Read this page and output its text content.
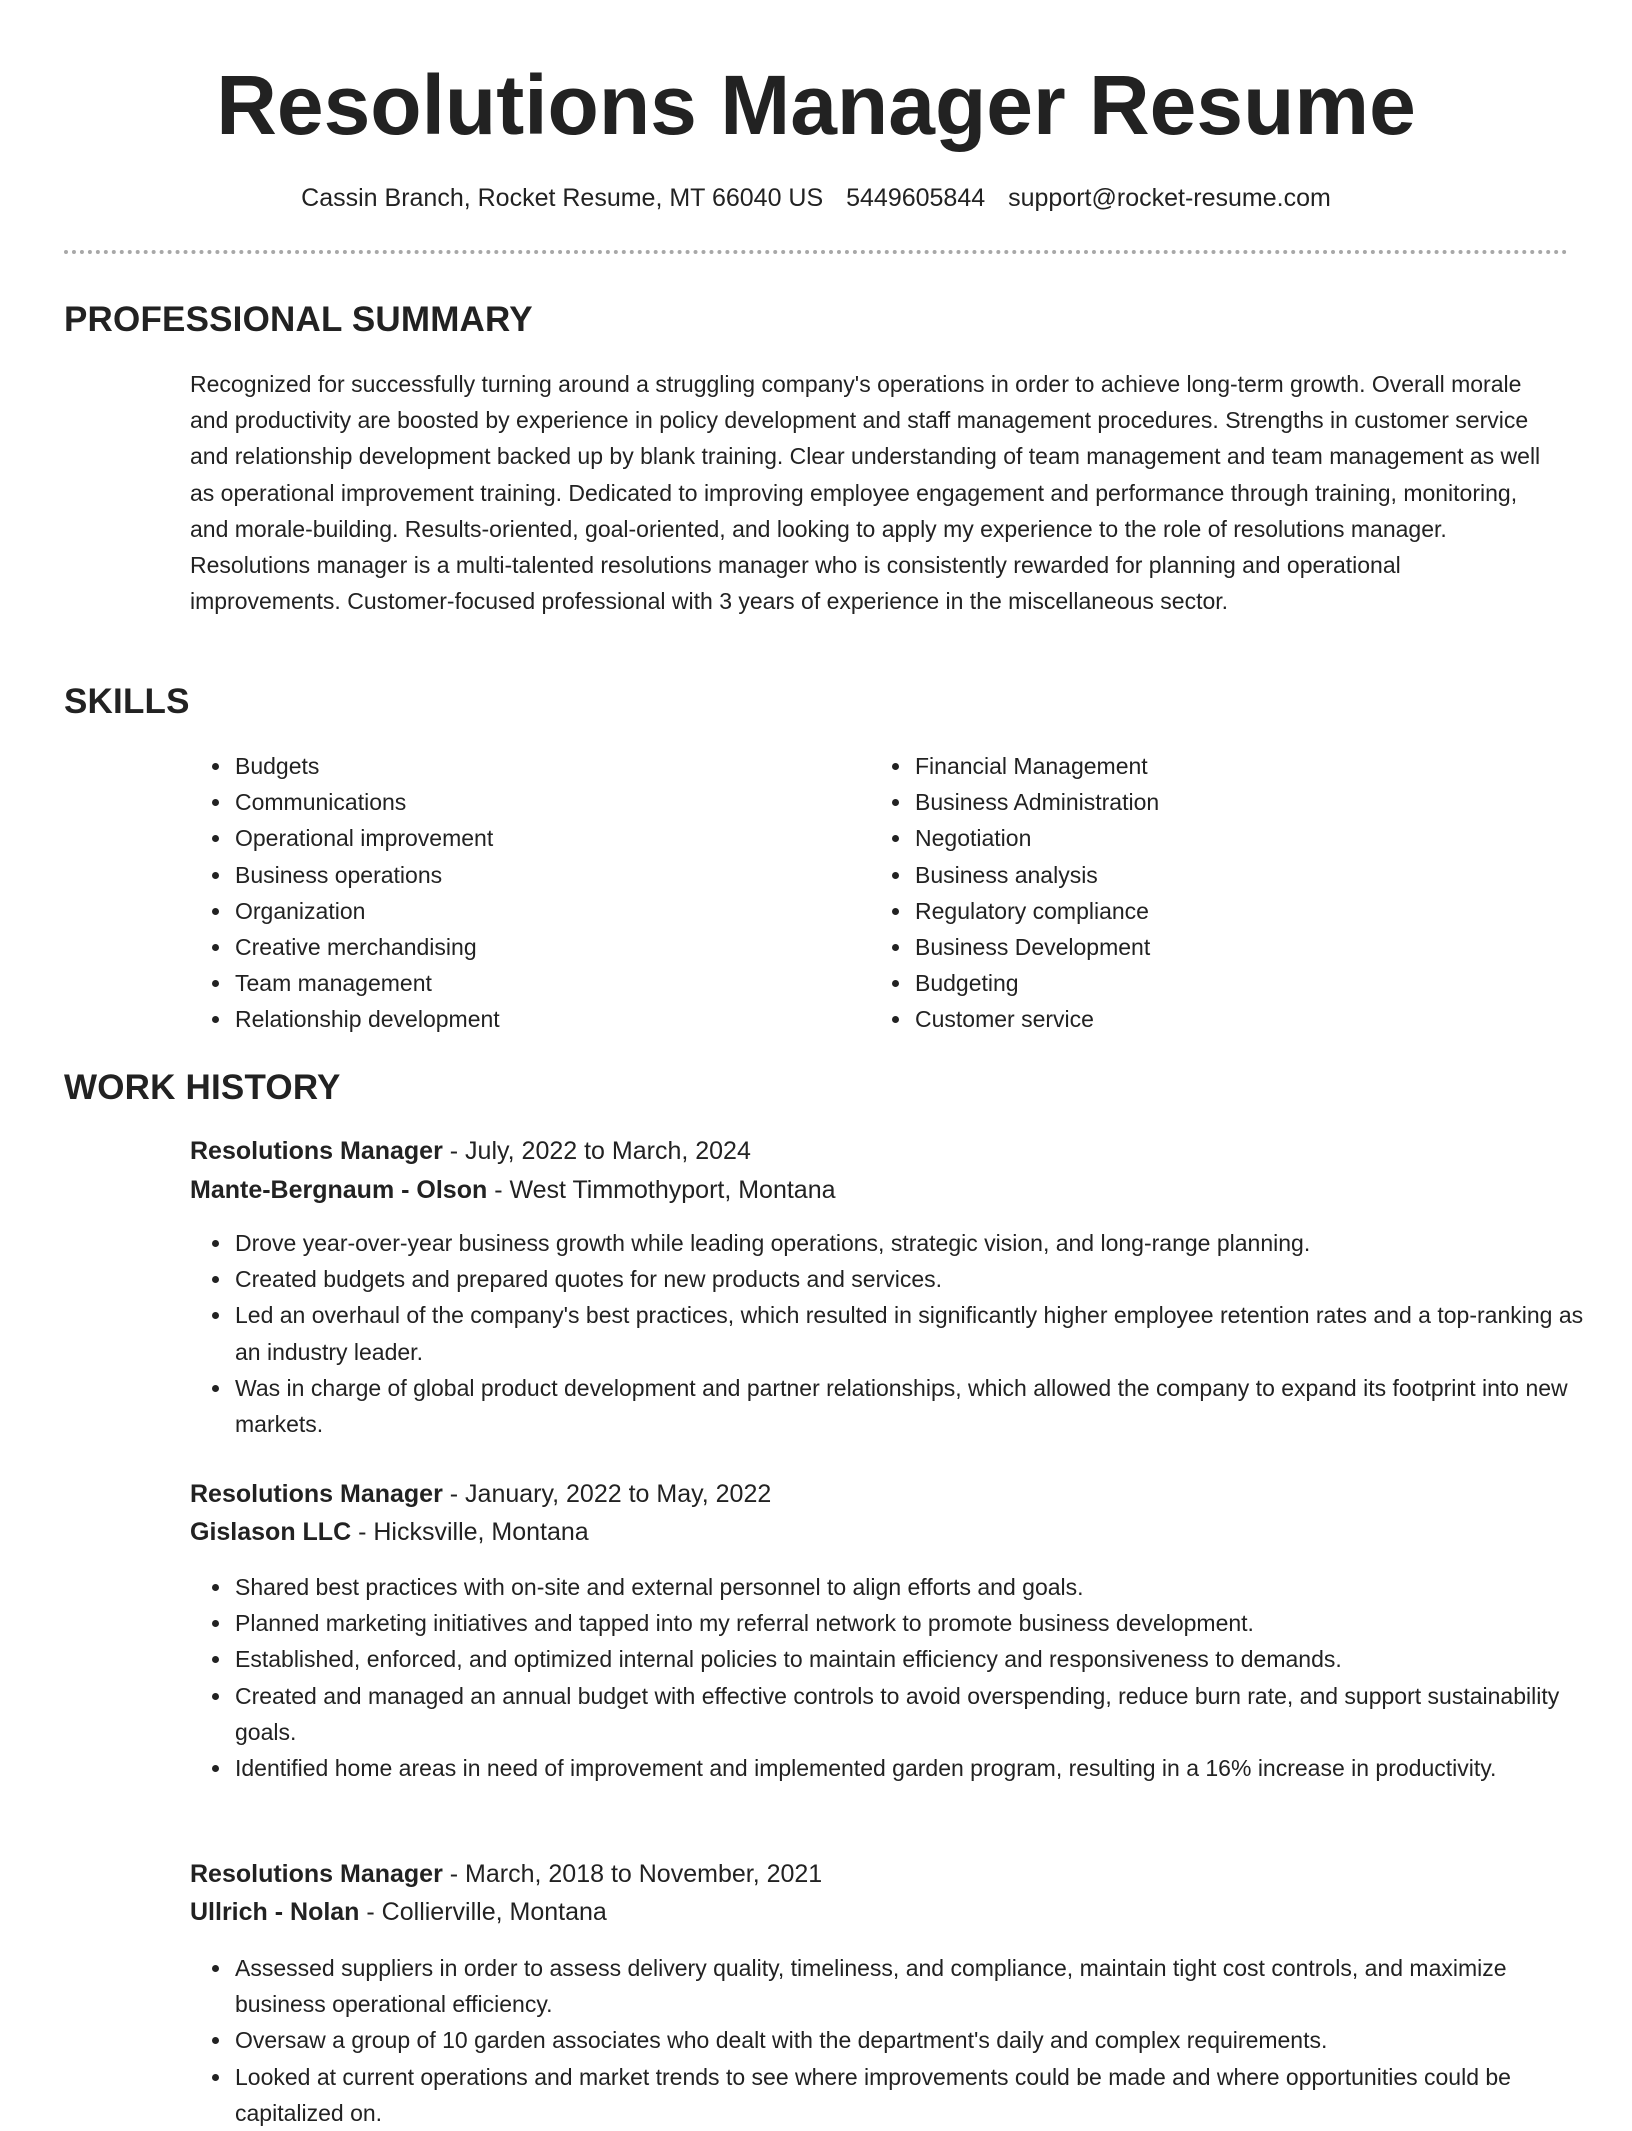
Resolutions Manager Resume
Cassin Branch, Rocket Resume, MT 66040 US 5449605844 support@rocket-resume.com
PROFESSIONAL SUMMARY

Recognized for successfully turning around a struggling company's operations in order to achieve long-term growth. Overall morale and productivity are boosted by experience in policy development and staff management procedures. Strengths in customer service and relationship development backed up by blank training. Clear understanding of team management and team management as well as operational improvement training. Dedicated to improving employee engagement and performance through training, monitoring, and morale-building. Results-oriented, goal-oriented, and looking to apply my experience to the role of resolutions manager. Resolutions manager is a multi-talented resolutions manager who is consistently rewarded for planning and operational improvements. Customer-focused professional with 3 years of experience in the miscellaneous sector.

SKILLS
• Budgets
• Communications
• Operational improvement
• Business operations
• Organization
• Creative merchandising
• Team management
• Relationship development
• Financial Management
• Business Administration
• Negotiation
• Business analysis
• Regulatory compliance
• Business Development
• Budgeting
• Customer service
WORK HISTORY
Resolutions Manager - July, 2022 to March, 2024
Mante-Bergnaum - Olson - West Timmothyport, Montana
• Drove year-over-year business growth while leading operations, strategic vision, and long-range planning.
• Created budgets and prepared quotes for new products and services.
• Led an overhaul of the company's best practices, which resulted in significantly higher employee retention rates and a top-ranking as an industry leader.
• Was in charge of global product development and partner relationships, which allowed the company to expand its footprint into new markets.
Resolutions Manager - January, 2022 to May, 2022
Gislason LLC - Hicksville, Montana
• Shared best practices with on-site and external personnel to align efforts and goals.
• Planned marketing initiatives and tapped into my referral network to promote business development.
• Established, enforced, and optimized internal policies to maintain efficiency and responsiveness to demands.
• Created and managed an annual budget with effective controls to avoid overspending, reduce burn rate, and support sustainability goals.
• Identified home areas in need of improvement and implemented garden program, resulting in a 16% increase in productivity.
Resolutions Manager - March, 2018 to November, 2021
Ullrich - Nolan - Collierville, Montana
• Assessed suppliers in order to assess delivery quality, timeliness, and compliance, maintain tight cost controls, and maximize business operational efficiency.
• Oversaw a group of 10 garden associates who dealt with the department's daily and complex requirements.
• Looked at current operations and market trends to see where improvements could be made and where opportunities could be capitalized on.
